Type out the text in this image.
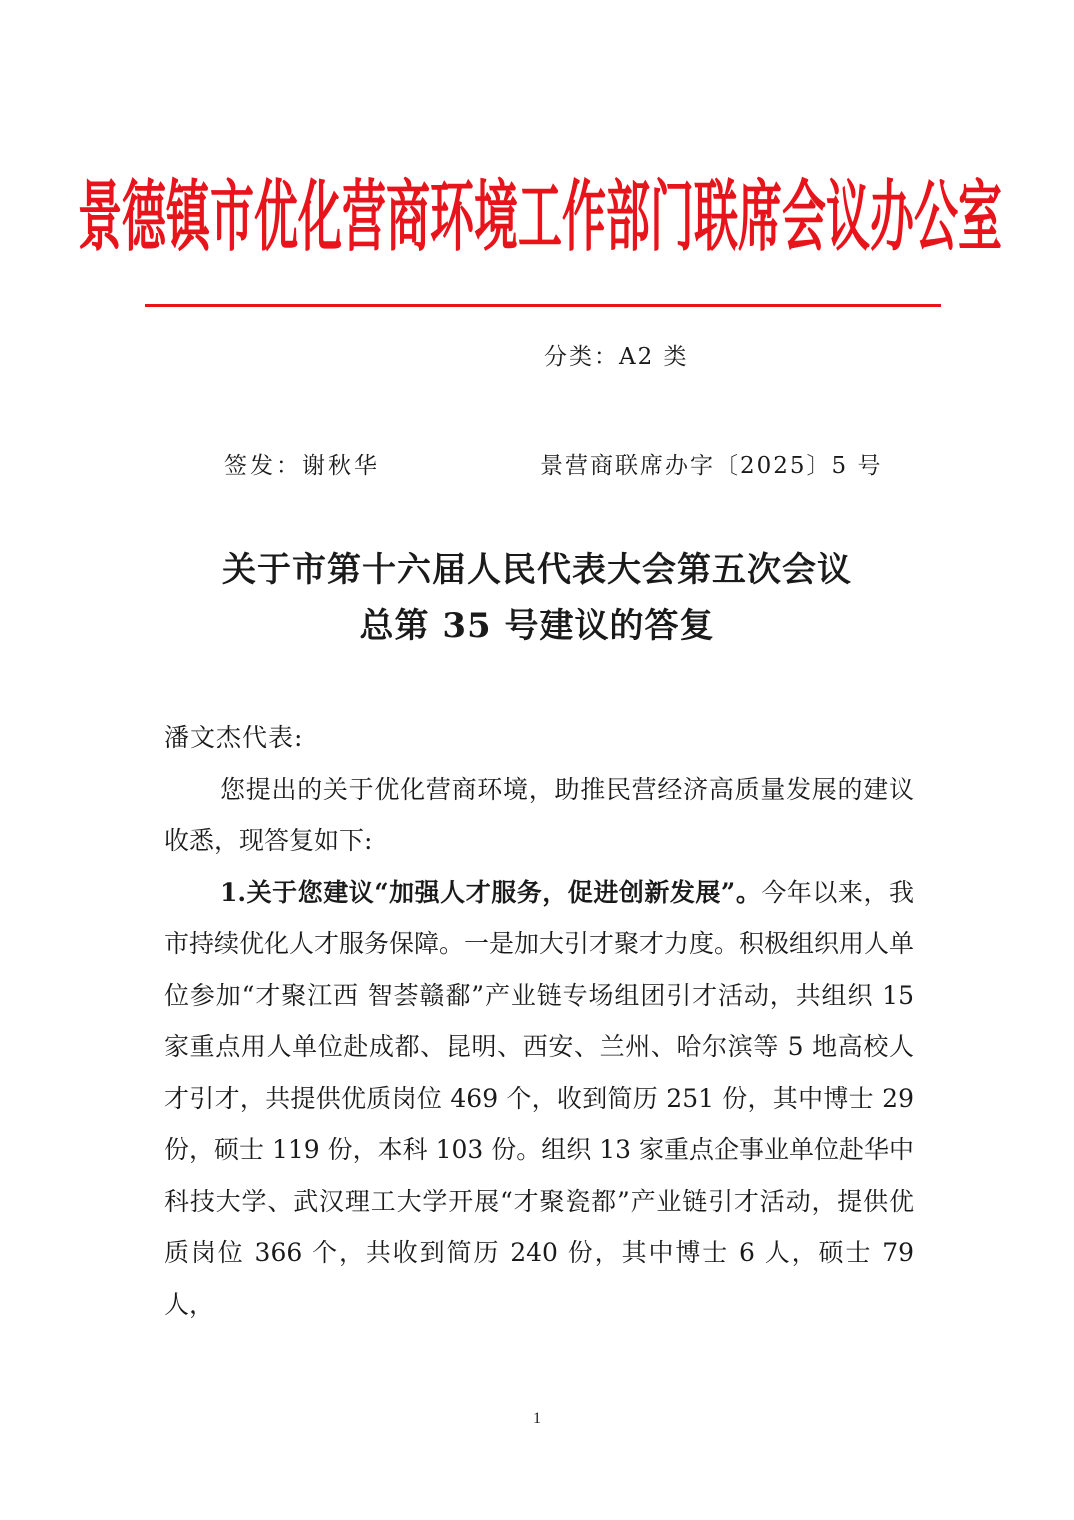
景德镇市优化营商环境工作部门联席会议办公室
分类：A2 类
签发：谢秋华	景营商联席办字〔2025〕5 号
关于市第十六届人民代表大会第五次会议
总第 35 号建议的答复

潘文杰代表:

您提出的关于优化营商环境，助推民营经济高质量发展的建议收悉，现答复如下:

1.关于您建议“加强人才服务，促进创新发展”。今年以来，我市持续优化人才服务保障。一是加大引才聚才力度。积极组织用人单位参加“才聚江西 智荟赣鄱”产业链专场组团引才活动，共组织 15 家重点用人单位赴成都、昆明、西安、兰州、哈尔滨等 5 地高校人才引才，共提供优质岗位 469 个，收到简历 251 份，其中博士 29 份，硕士 119 份，本科 103 份。组织 13 家重点企事业单位赴华中科技大学、武汉理工大学开展“才聚瓷都”产业链引才活动，提供优质岗位 366 个，共收到简历 240 份，其中博士 6 人，硕士 79 人，

1
